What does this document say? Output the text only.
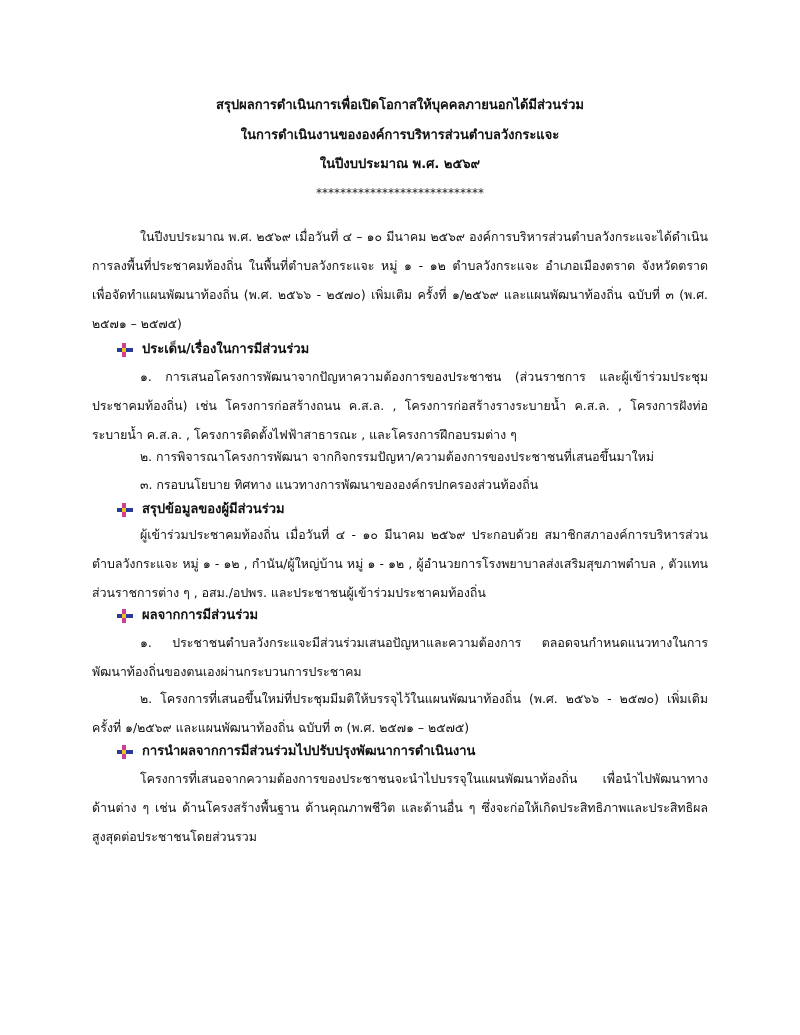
สรุปผลการดำเนินการเพื่อเปิดโอกาสให้บุคคลภายนอกได้มีส่วนร่วม
ในการดำเนินงานขององค์การบริหารส่วนตำบลวังกระแจะ
ในปีงบประมาณ พ.ศ. ๒๕๖๙
****************************
ในปีงบประมาณ พ.ศ. ๒๕๖๙ เมื่อวันที่ ๔ – ๑๐ มีนาคม ๒๕๖๙ องค์การบริหารส่วนตำบลวังกระแจะได้ดำเนินการลงพื้นที่ประชาคมท้องถิ่น ในพื้นที่ตำบลวังกระแจะ หมู่ ๑ - ๑๒ ตำบลวังกระแจะ อำเภอเมืองตราด จังหวัดตราด เพื่อจัดทำแผนพัฒนาท้องถิ่น (พ.ศ. ๒๕๖๖ - ๒๕๗๐) เพิ่มเติม ครั้งที่ ๑/๒๕๖๙ และแผนพัฒนาท้องถิ่น ฉบับที่ ๓ (พ.ศ. ๒๕๗๑ – ๒๕๗๕)
ประเด็น/เรื่องในการมีส่วนร่วม
๑. การเสนอโครงการพัฒนาจากปัญหาความต้องการของประชาชน (ส่วนราชการ และผู้เข้าร่วมประชุมประชาคมท้องถิ่น) เช่น โครงการก่อสร้างถนน ค.ส.ล. , โครงการก่อสร้างรางระบายน้ำ ค.ส.ล. , โครงการฝังท่อระบายน้ำ ค.ส.ล. , โครงการติดตั้งไฟฟ้าสาธารณะ , และโครงการฝึกอบรมต่าง ๆ
๒. การพิจารณาโครงการพัฒนา จากกิจกรรมปัญหา/ความต้องการของประชาชนที่เสนอขึ้นมาใหม่
๓. กรอบนโยบาย ทิศทาง แนวทางการพัฒนาขององค์กรปกครองส่วนท้องถิ่น
สรุปข้อมูลของผู้มีส่วนร่วม
ผู้เข้าร่วมประชาคมท้องถิ่น เมื่อวันที่ ๔ - ๑๐ มีนาคม ๒๕๖๙ ประกอบด้วย สมาชิกสภาองค์การบริหารส่วนตำบลวังกระแจะ หมู่ ๑ - ๑๒ , กำนัน/ผู้ใหญ่บ้าน หมู่ ๑ - ๑๒ , ผู้อำนวยการโรงพยาบาลส่งเสริมสุขภาพตำบล , ตัวแทนส่วนราชการต่าง ๆ , อสม./อปพร. และประชาชนผู้เข้าร่วมประชาคมท้องถิ่น
ผลจากการมีส่วนร่วม
๑. ประชาชนตำบลวังกระแจะมีส่วนร่วมเสนอปัญหาและความต้องการ ตลอดจนกำหนดแนวทางในการพัฒนาท้องถิ่นของตนเองผ่านกระบวนการประชาคม
๒. โครงการที่เสนอขึ้นใหม่ที่ประชุมมีมติให้บรรจุไว้ในแผนพัฒนาท้องถิ่น (พ.ศ. ๒๕๖๖ - ๒๕๗๐) เพิ่มเติม ครั้งที่ ๑/๒๕๖๙ และแผนพัฒนาท้องถิ่น ฉบับที่ ๓ (พ.ศ. ๒๕๗๑ – ๒๕๗๕)
การนำผลจากการมีส่วนร่วมไปปรับปรุงพัฒนาการดำเนินงาน
โครงการที่เสนอจากความต้องการของประชาชนจะนำไปบรรจุในแผนพัฒนาท้องถิ่น เพื่อนำไปพัฒนาทางด้านต่าง ๆ เช่น ด้านโครงสร้างพื้นฐาน ด้านคุณภาพชีวิต และด้านอื่น ๆ ซึ่งจะก่อให้เกิดประสิทธิภาพและประสิทธิผลสูงสุดต่อประชาชนโดยส่วนรวม
